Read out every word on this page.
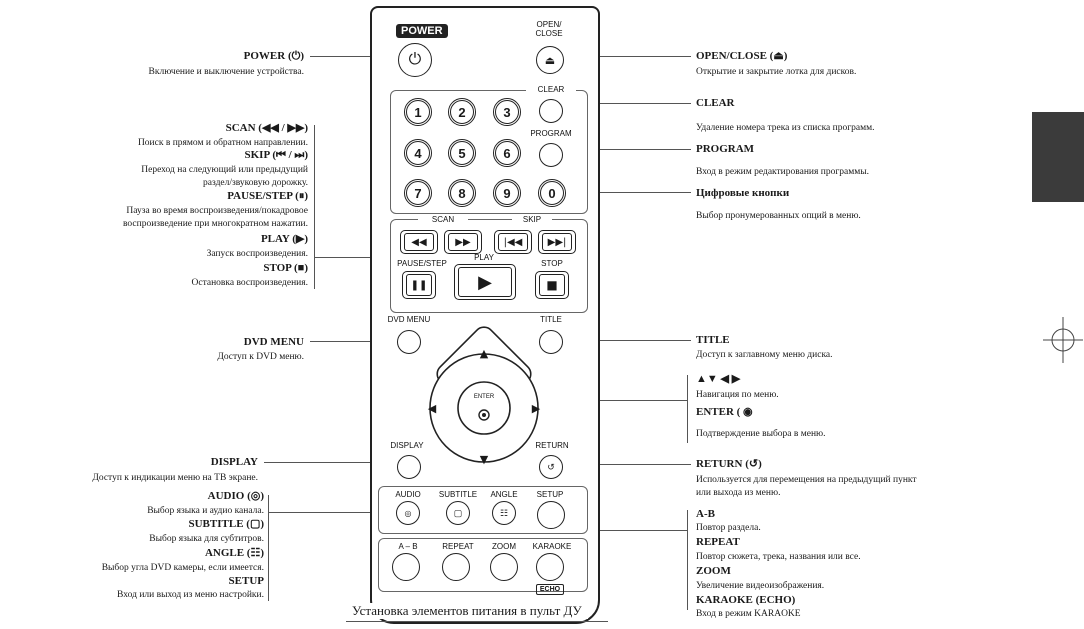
POWER (⏻)
Включение и выключение устройства.
SCAN (◀◀ / ▶▶)
Поиск в прямом и обратном направлении.
SKIP (⏮ / ⏭)
Переход на следующий или предыдущий
раздел/звуковую дорожку.
PAUSE/STEP (⏸)
Пауза во время воспроизведения/покадровое
воспроизведение при многократном нажатии.
PLAY (▶)
Запуск воспроизведения.
STOP (■)
Остановка воспроизведения.
DVD MENU
Доступ к DVD меню.
DISPLAY
Доступ к индикации меню на ТВ экране.
AUDIO (◎)
Выбор языка и аудио канала.
SUBTITLE (▢)
Выбор языка для субтитров.
ANGLE (☷)
Выбор угла DVD камеры, если имеется.
SETUP
Вход или выход из меню настройки.
OPEN/CLOSE (⏏)
Открытие и закрытие лотка для дисков.
CLEAR
Удаление номера трека из списка программ.
PROGRAM
Вход в режим редактирования программы.
Цифровые кнопки
Выбор пронумерованных опций в меню.
TITLE
Доступ к заглавному меню диска.
▲▼ ◀ ▶
Навигация по меню.
ENTER ( ◉
Подтверждение выбора в меню.
RETURN (↺)
Используется для перемещения на предыдущий пункт
или выхода из меню.
A-B
Повтор раздела.
REPEAT
Повтор сюжета, трека, названия или все.
ZOOM
Увеличение видеоизображения.
KARAOKE (ECHO)
Вход в режим KARAOKE
POWER
⏻
OPEN/
CLOSE
⏏
CLEAR
PROGRAM
1	2	3
4	5	6
7	8	9	0
SCAN	SKIP
◀◀	▶▶	|◀◀	▶▶|
PAUSE/STEP
PLAY
STOP
❚❚	▶	■
DVD MENU	TITLE
▲
▼
◀	▶
ENTER
DISPLAY	RETURN
↺
AUDIO	SUBTITLE	ANGLE	SETUP
◎	▢	☷
A – B	REPEAT	ZOOM	KARAOKE
ECHO
Установка элементов питания в пульт ДУ
